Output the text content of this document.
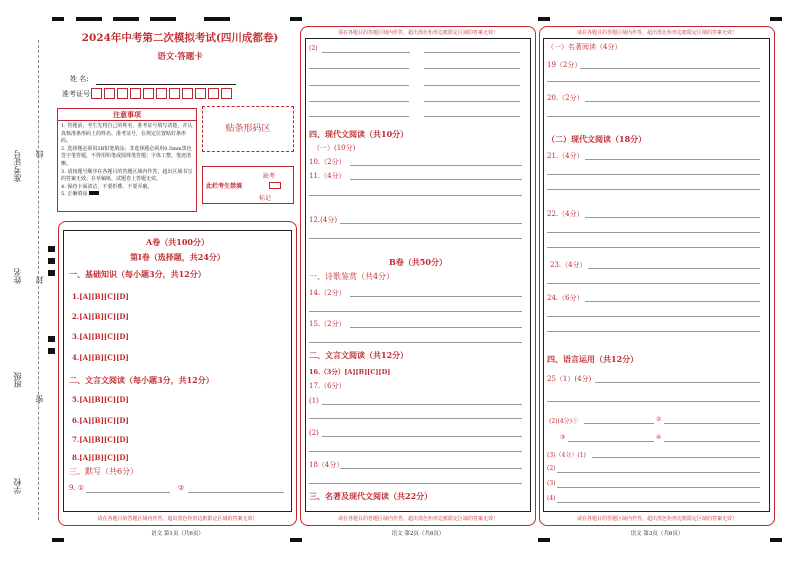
准考证号
姓名
班级
学校
线
封
密
2024年中考第二次模拟考试(四川成都卷)
语文·答题卡
姓 名:
准考证号:
注意事项
1. 答题前，考生先将自己的姓名，准考证号填写清楚，并认真核准条形码上的姓名、准考证号，在规定位置贴好条形码。
2. 选择题必须用2B铅笔填涂；非选择题必须用0.5mm黑色签字笔答题，不得用铅笔或圆珠笔答题；字体工整、笔迹清晰。
3. 请按题号顺序在各题目的答题区域内作答，超出区域书写的答案无效；在草稿纸、试题卷上答题无效。
4. 保持卡面清洁，不要折叠、不要弄破。
5. 正确填涂
贴条形码区
此栏考生禁填
缺考
标记
A卷（共100分）
第Ⅰ卷（选择题，共24分）
一、基础知识（每小题3分，共12分）
1.[A][B][C][D]
2.[A][B][C][D]
3.[A][B][C][D]
4.[A][B][C][D]
二、文言文阅读（每小题3分，共12分）
5.[A][B][C][D]
6.[A][B][C][D]
7.[A][B][C][D]
8.[A][B][C][D]
三、默写（共6分）
9. ①	②
请在各题目的答题区域内作答，超出黑色矩形边框限定区域的答案无效！
语文 第1页（共6页）
请在各题目的答题区域内作答，超出黑色矩形边框限定区域的答案无效！
(2)
四、现代文阅读（共10分）
（一）(10分)
10.（2分）
11.（4分）
12.(4分)
B卷（共50分）
一、诗歌鉴赏（共4分）
14.（2分）
15.（2分）
二、文言文阅读（共12分）
16.（3分）[A][B][C][D]
17.（6分）
(1)
(2)
18（4分）
三、名著及现代文阅读（共22分）
请在各题目的答题区域内作答，超出黑色矩形边框限定区域的答案无效！
语文 第2页（共6页）
请在各题目的答题区域内作答，超出黑色矩形边框限定区域的答案无效！
（一）名著阅读（4分）
19（2分）
20.（2分）
（二）现代文阅读（18分）
21.（4分）
22.（4分）
23.（4分）
24.（6分）
四、语言运用（共12分）
25（1）(4分)
(2)(4分)①	②
③	④
(3)（4分）(1)
(2)
(3)
(4)
请在各题目的答题区域内作答，超出黑色矩形边框限定区域的答案无效！
语文 第3页（共6页）
